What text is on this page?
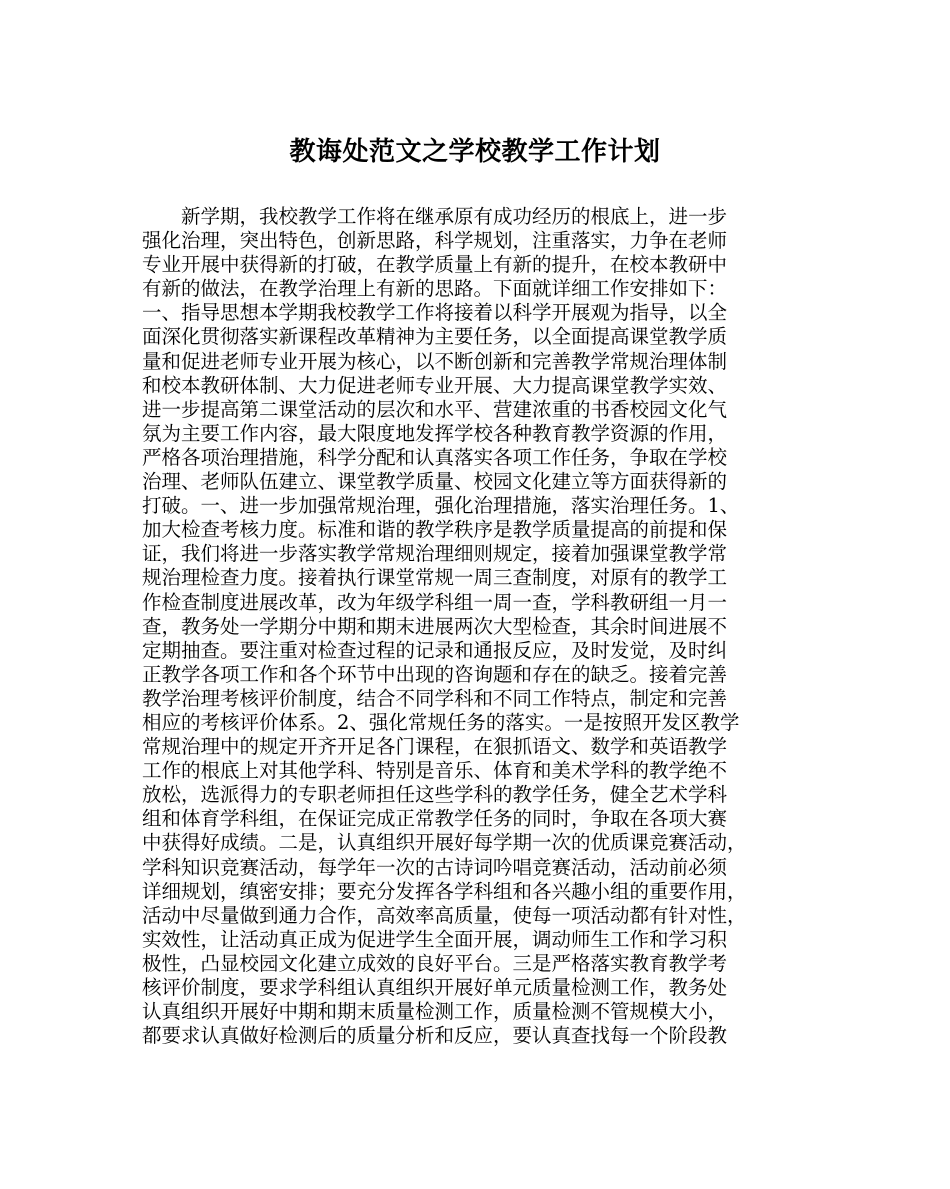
教诲处范文之学校教学工作计划
新学期，我校教学工作将在继承原有成功经历的根底上，进一步
强化治理，突出特色，创新思路，科学规划，注重落实，力争在老师
专业开展中获得新的打破，在教学质量上有新的提升，在校本教研中
有新的做法，在教学治理上有新的思路。下面就详细工作安排如下：
一、指导思想本学期我校教学工作将接着以科学开展观为指导，以全
面深化贯彻落实新课程改革精神为主要任务，以全面提高课堂教学质
量和促进老师专业开展为核心，以不断创新和完善教学常规治理体制
和校本教研体制、大力促进老师专业开展、大力提高课堂教学实效、
进一步提高第二课堂活动的层次和水平、营建浓重的书香校园文化气
氛为主要工作内容，最大限度地发挥学校各种教育教学资源的作用，
严格各项治理措施，科学分配和认真落实各项工作任务，争取在学校
治理、老师队伍建立、课堂教学质量、校园文化建立等方面获得新的
打破。一、进一步加强常规治理，强化治理措施，落实治理任务。1、
加大检查考核力度。标准和谐的教学秩序是教学质量提高的前提和保
证，我们将进一步落实教学常规治理细则规定，接着加强课堂教学常
规治理检查力度。接着执行课堂常规一周三查制度，对原有的教学工
作检查制度进展改革，改为年级学科组一周一查，学科教研组一月一
查，教务处一学期分中期和期末进展两次大型检查，其余时间进展不
定期抽查。要注重对检查过程的记录和通报反应，及时发觉，及时纠
正教学各项工作和各个环节中出现的咨询题和存在的缺乏。接着完善
教学治理考核评价制度，结合不同学科和不同工作特点，制定和完善
相应的考核评价体系。2、强化常规任务的落实。一是按照开发区教学
常规治理中的规定开齐开足各门课程，在狠抓语文、数学和英语教学
工作的根底上对其他学科、特别是音乐、体育和美术学科的教学绝不
放松，选派得力的专职老师担任这些学科的教学任务，健全艺术学科
组和体育学科组，在保证完成正常教学任务的同时，争取在各项大赛
中获得好成绩。二是，认真组织开展好每学期一次的优质课竞赛活动，
学科知识竞赛活动，每学年一次的古诗词吟唱竞赛活动，活动前必须
详细规划，缜密安排；要充分发挥各学科组和各兴趣小组的重要作用，
活动中尽量做到通力合作，高效率高质量，使每一项活动都有针对性，
实效性，让活动真正成为促进学生全面开展，调动师生工作和学习积
极性，凸显校园文化建立成效的良好平台。三是严格落实教育教学考
核评价制度，要求学科组认真组织开展好单元质量检测工作，教务处
认真组织开展好中期和期末质量检测工作，质量检测不管规模大小，
都要求认真做好检测后的质量分析和反应，要认真查找每一个阶段教
